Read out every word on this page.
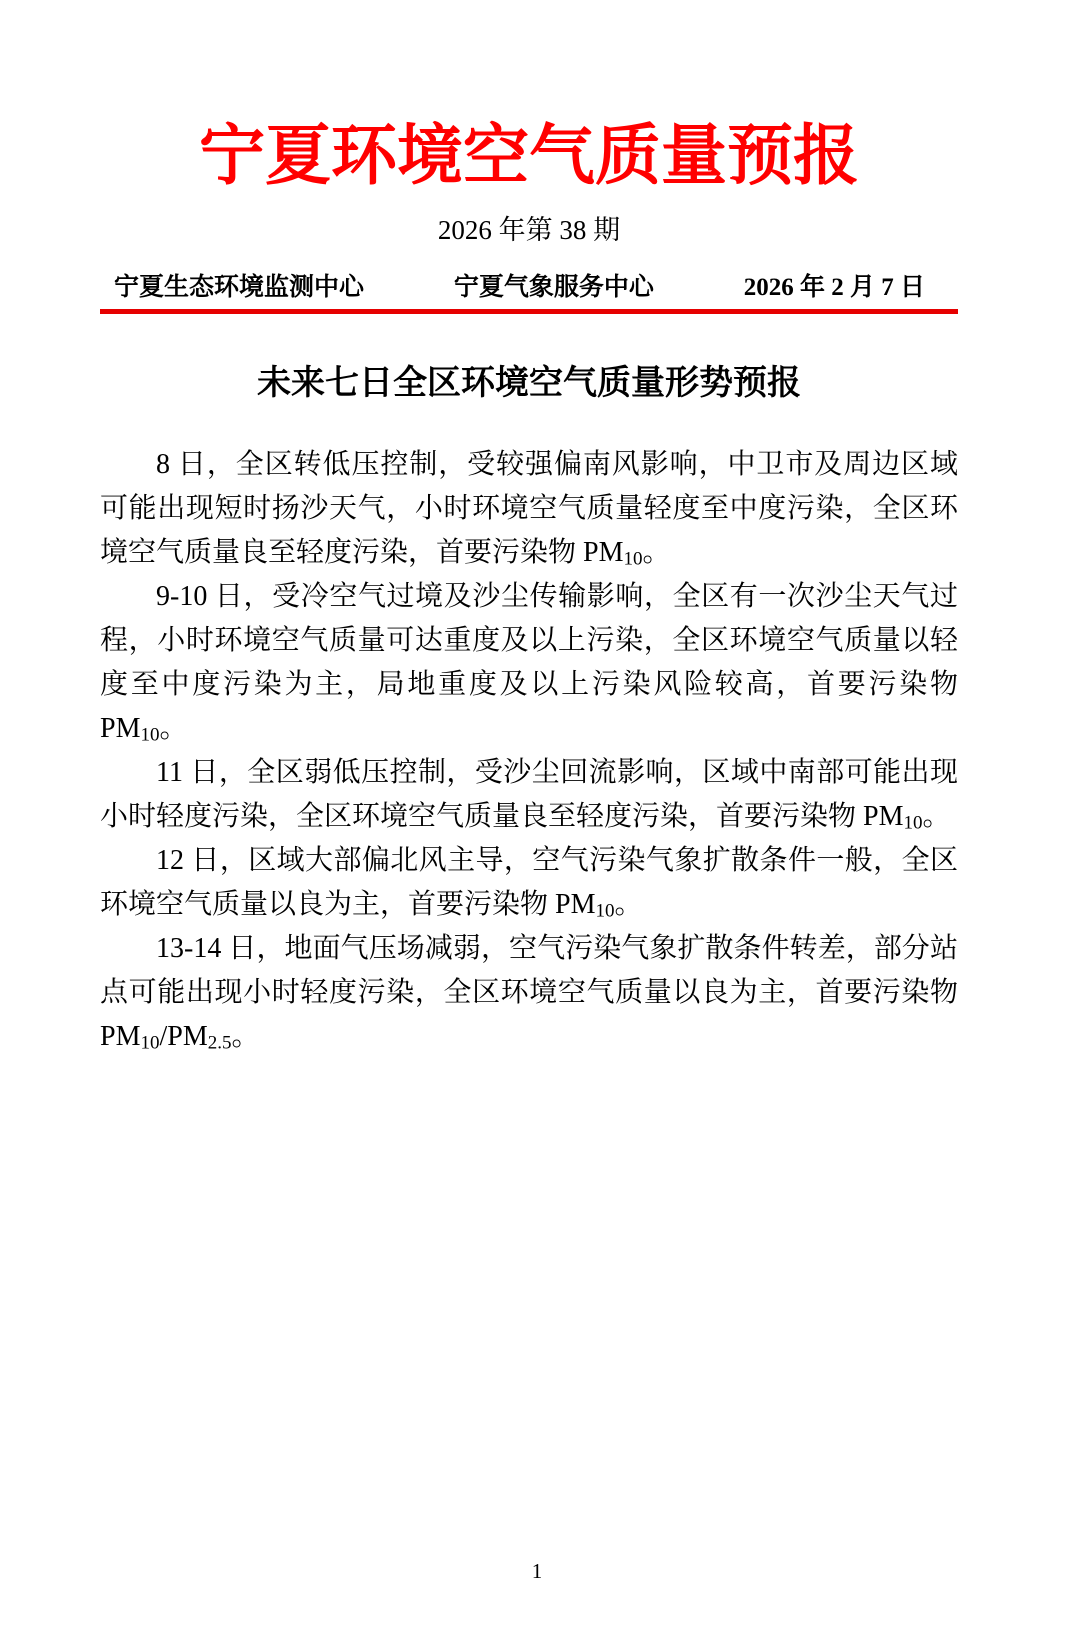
宁夏环境空气质量预报
2026 年第 38 期
宁夏生态环境监测中心	宁夏气象服务中心	2026 年 2 月 7 日
未来七日全区环境空气质量形势预报

8 日，全区转低压控制，受较强偏南风影响，中卫市及周边区域可能出现短时扬沙天气，小时环境空气质量轻度至中度污染，全区环境空气质量良至轻度污染，首要污染物 $PM_{10}$。

9-10 日，受冷空气过境及沙尘传输影响，全区有一次沙尘天气过程，小时环境空气质量可达重度及以上污染，全区环境空气质量以轻度至中度污染为主，局地重度及以上污染风险较高，首要污染物 $PM_{10}$。

11 日，全区弱低压控制，受沙尘回流影响，区域中南部可能出现小时轻度污染，全区环境空气质量良至轻度污染，首要污染物 $PM_{10}$。

12 日，区域大部偏北风主导，空气污染气象扩散条件一般，全区环境空气质量以良为主，首要污染物 $PM_{10}$。

13-14 日，地面气压场减弱，空气污染气象扩散条件转差，部分站点可能出现小时轻度污染，全区环境空气质量以良为主，首要污染物 $PM_{10}/PM_{2.5}$。

1
